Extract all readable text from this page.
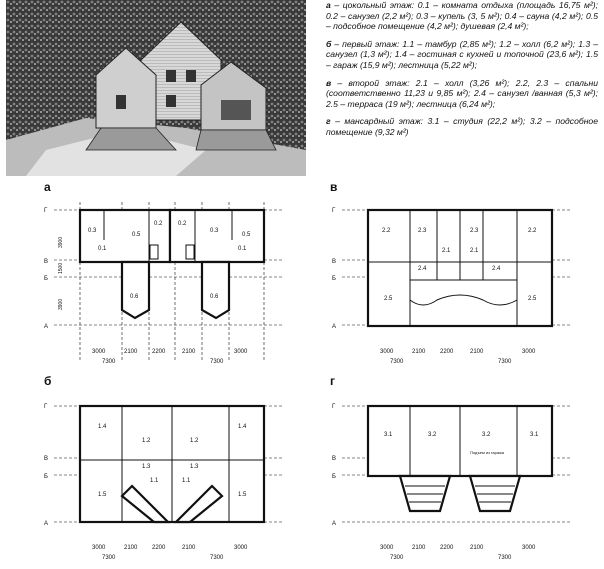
а – цокольный этаж: 0.1 – комната отдыха (площадь 16,75 м²); 0.2 – санузел (2,2 м²); 0.3 – купель (3, 5 м²); 0.4 – сауна (4,2 м²); 0.5 – подсобное помещение (4,2 м²); душевая (2,4 м²);

б – первый этаж: 1.1 – тамбур (2,85 м²); 1.2 – холл (6,2 м²); 1.3 – санузел (1,3 м²); 1.4 – гостиная с кухней и топочной (23,6 м²); 1.5 – гараж (15,9 м²); лестница (5,22 м²);

в – второй этаж: 2.1 – холл (3,26 м²); 2.2, 2.3 – спальни (соответственно 11,23 и 9,85 м²); 2.4 – санузел /ванная (5,3 м²); 2.5 – терраса (19 м²); лестница (6,24 м²);

г – мансардный этаж: 3.1 – студия (22,2 м²); 3.2 – подсобное помещение (9,32 м²)

а	в
б	г
0.3
0.5
0.1
0.3
0.5
0.1
0.6	0.6
0.2	0.2
3000	2100 2200	2100	3000
7300	7300
Г
В
Б
А
3900
1500
3900
2.2	2.3	2.3	2.2
2.1	2.1
2.5	2.5
2.4	2.4
3000	2100 2200	2100	3000
7300	7300
Г
В
Б
А
1.4	1.4
1.2	1.2
1.3	1.3
1.5	1.5
1.1	1.1
3000	2100 2200	2100	3000
7300	7300
Г
В
Б
А
3.1	3.2	3.2	3.1
Подъем из гаража
3000	2100 2200	2100	3000
7300	7300
Г
В
Б
А
